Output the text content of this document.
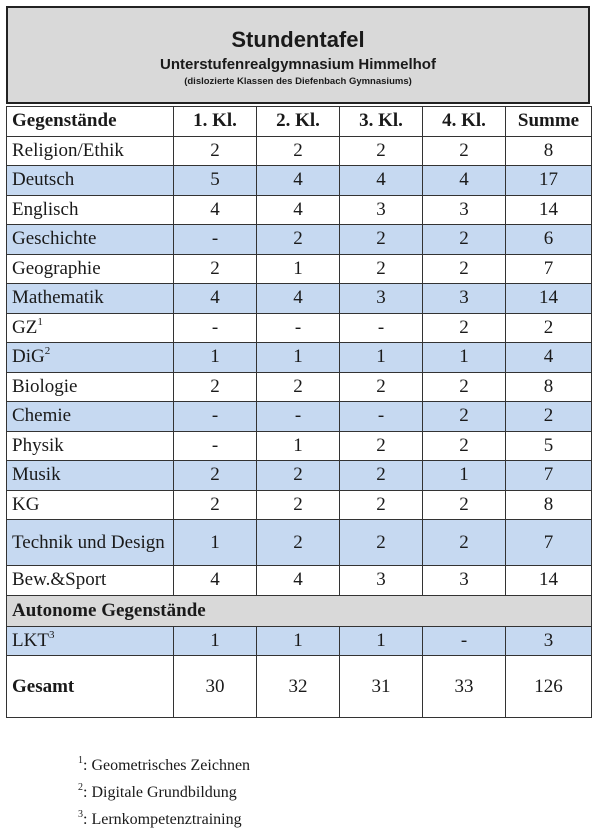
Stundentafel
Unterstufenrealgymnasium Himmelhof
(dislozierte Klassen des Diefenbach Gymnasiums)
Gegenstände	1. Kl.	2. Kl.	3. Kl.	4. Kl.	Summe
Religion/Ethik	2	2	2	2	8
Deutsch	5	4	4	4	17
Englisch	4	4	3	3	14
Geschichte	-	2	2	2	6
Geographie	2	1	2	2	7
Mathematik	4	4	3	3	14
$GZ^1$	-	-	-	2	2
DiG$^2$	1	1	1	1	4
Biologie	2	2	2	2	8
Chemie	-	-	-	2	2
Physik	-	1	2	2	5
Musik	2	2	2	1	7
KG	2	2	2	2	8
Technik und Design	1	2	2	2	7
Bew.&Sport	4	4	3	3	14
Autonome Gegenstände					
LKT$^3$	1	1	1	-	3
Gesamt	30	32	31	33	126
$^1$: Geometrisches Zeichnen
$^2$: Digitale Grundbildung
$^3$: Lernkompetenztraining
